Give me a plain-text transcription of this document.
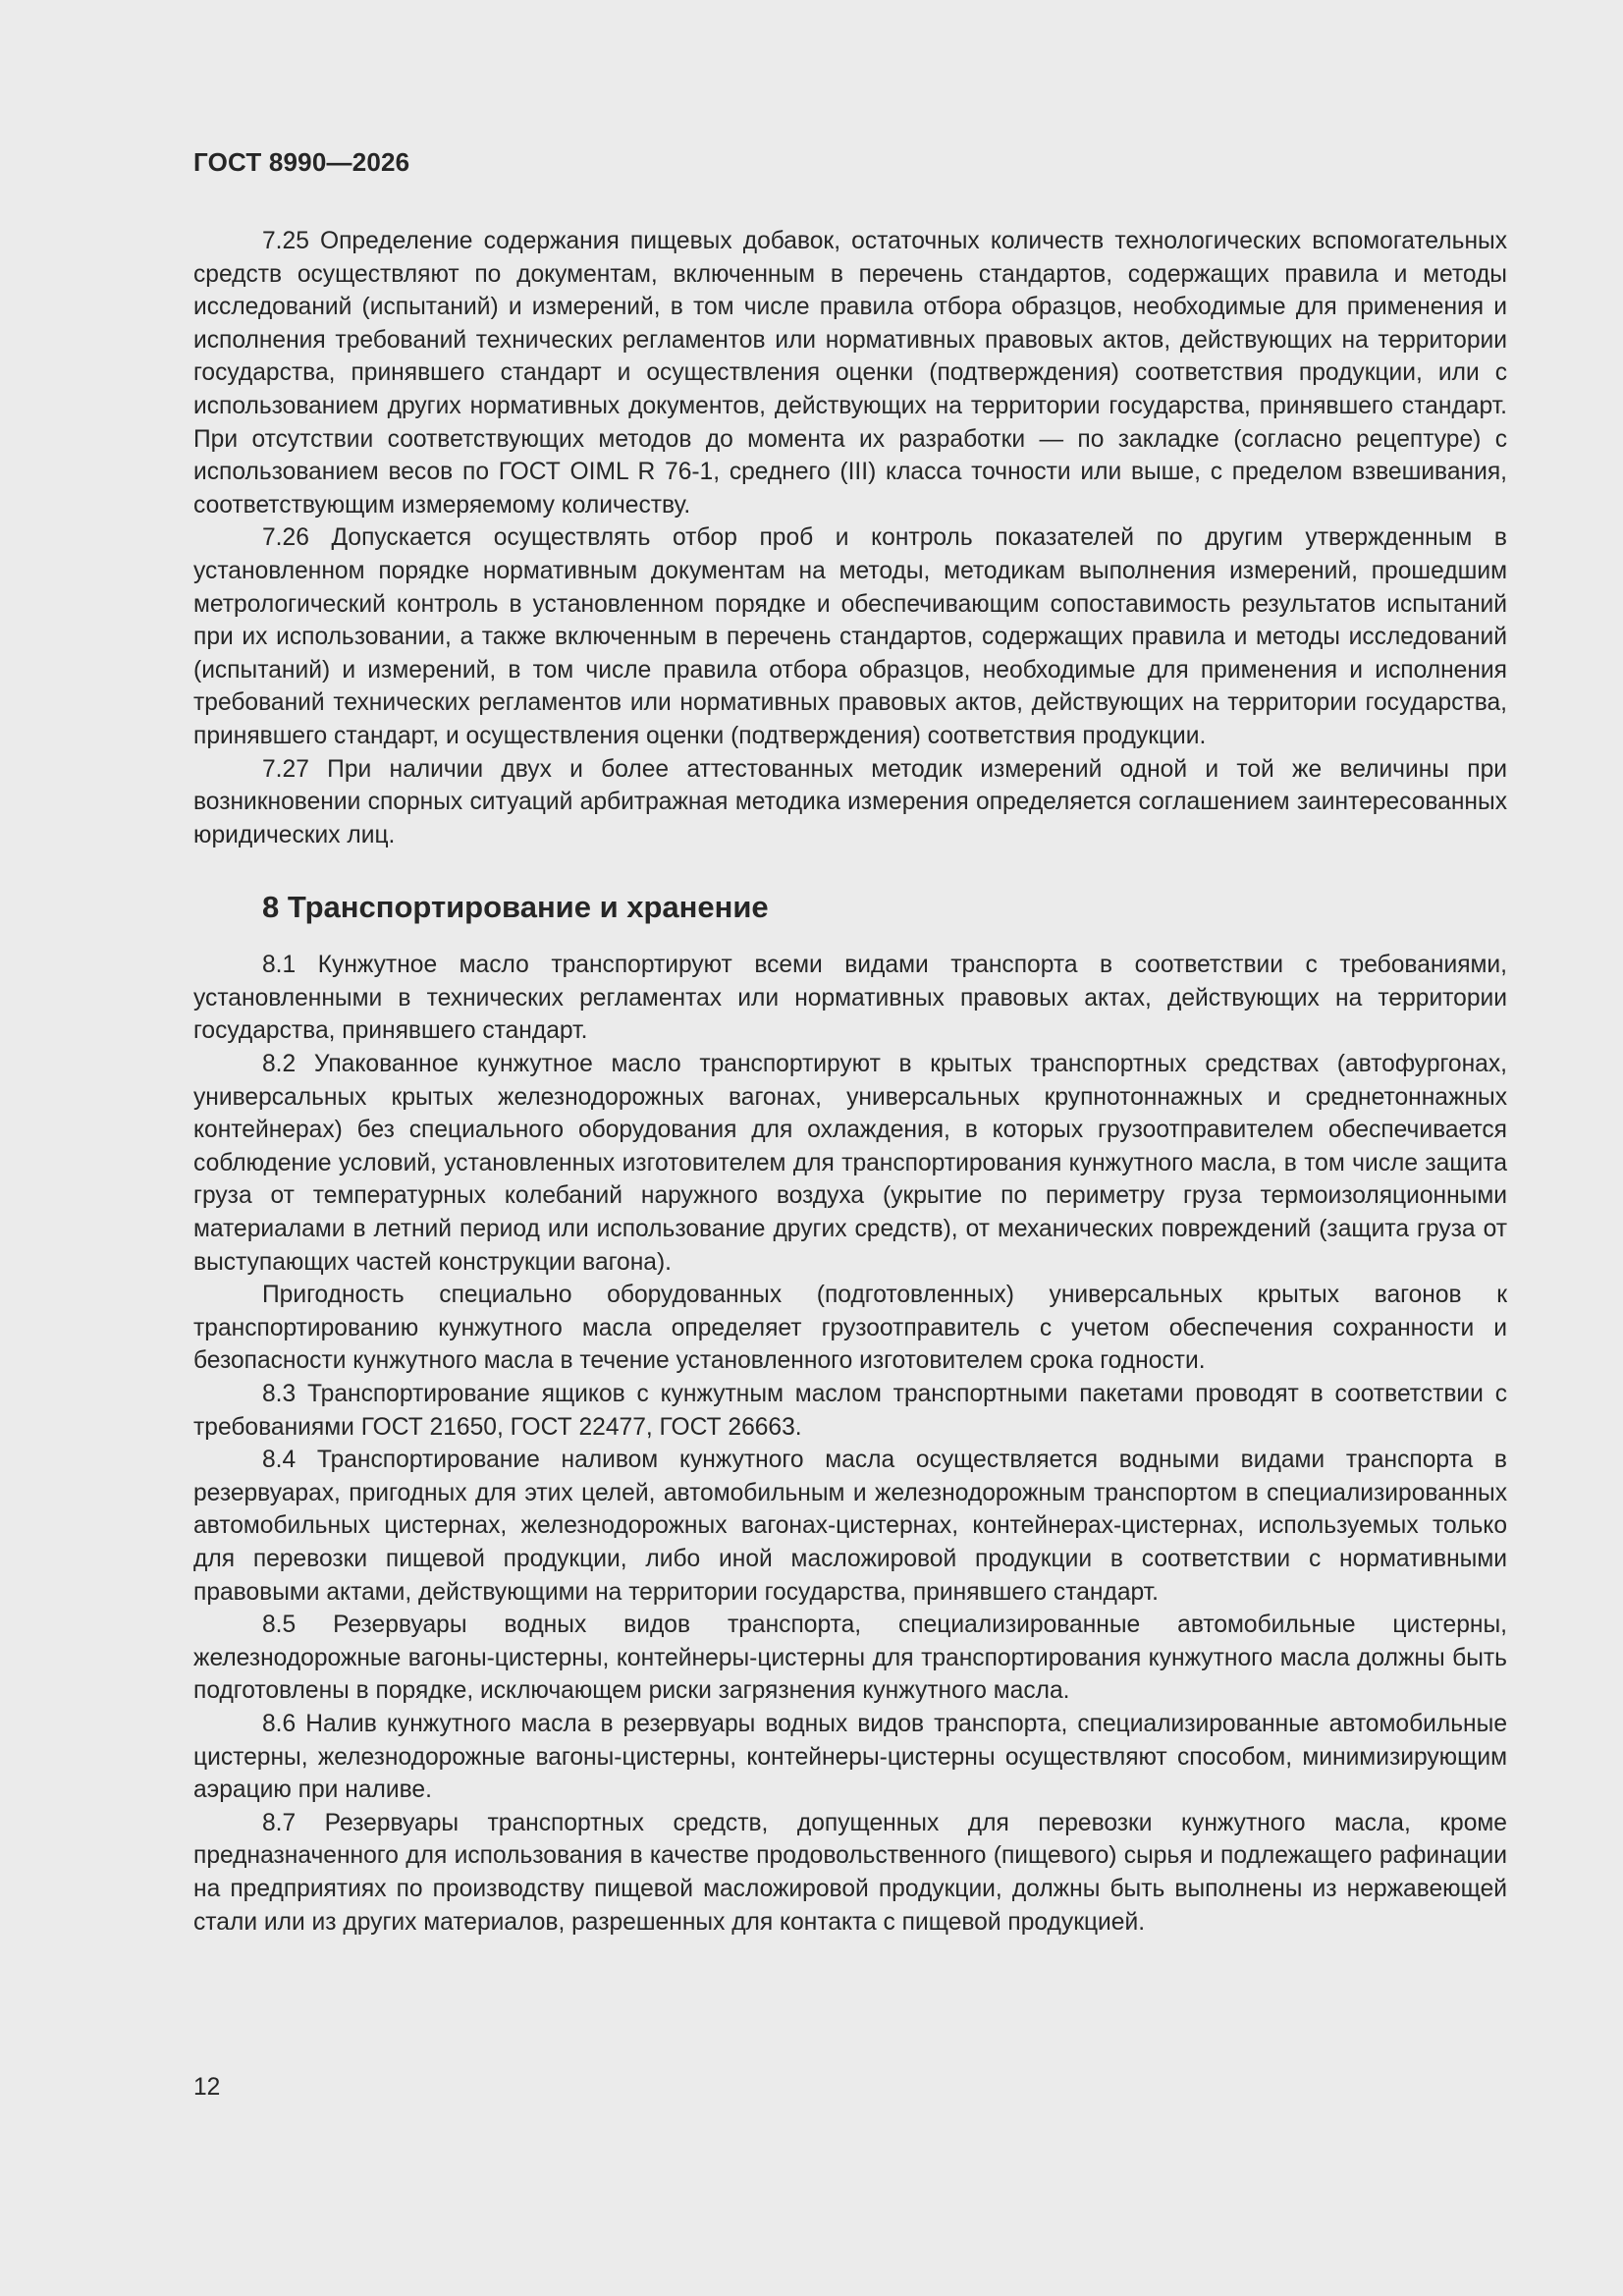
ГОСТ 8990—2026

7.25 Определение содержания пищевых добавок, остаточных количеств технологических вспомогательных средств осуществляют по документам, включенным в перечень стандартов, содержащих правила и методы исследований (испытаний) и измерений, в том числе правила отбора образцов, необходимые для применения и исполнения требований технических регламентов или нормативных правовых актов, действующих на территории государства, принявшего стандарт и осуществления оценки (подтверждения) соответствия продукции, или с использованием других нормативных документов, действующих на территории государства, принявшего стандарт. При отсутствии соответствующих методов до момента их разработки — по закладке (согласно рецептуре) с использованием весов по ГОСТ OIML R 76-1, среднего (III) класса точности или выше, с пределом взвешивания, соответствующим измеряемому количеству.

7.26 Допускается осуществлять отбор проб и контроль показателей по другим утвержденным в установленном порядке нормативным документам на методы, методикам выполнения измерений, прошедшим метрологический контроль в установленном порядке и обеспечивающим сопоставимость результатов испытаний при их использовании, а также включенным в перечень стандартов, содержащих правила и методы исследований (испытаний) и измерений, в том числе правила отбора образцов, необходимые для применения и исполнения требований технических регламентов или нормативных правовых актов, действующих на территории государства, принявшего стандарт, и осуществления оценки (подтверждения) соответствия продукции.

7.27 При наличии двух и более аттестованных методик измерений одной и той же величины при возникновении спорных ситуаций арбитражная методика измерения определяется соглашением заинтересованных юридических лиц.

8 Транспортирование и хранение

8.1 Кунжутное масло транспортируют всеми видами транспорта в соответствии с требованиями, установленными в технических регламентах или нормативных правовых актах, действующих на территории государства, принявшего стандарт.

8.2 Упакованное кунжутное масло транспортируют в крытых транспортных средствах (автофургонах, универсальных крытых железнодорожных вагонах, универсальных крупнотоннажных и среднетоннажных контейнерах) без специального оборудования для охлаждения, в которых грузоотправителем обеспечивается соблюдение условий, установленных изготовителем для транспортирования кунжутного масла, в том числе защита груза от температурных колебаний наружного воздуха (укрытие по периметру груза термоизоляционными материалами в летний период или использование других средств), от механических повреждений (защита груза от выступающих частей конструкции вагона).

Пригодность специально оборудованных (подготовленных) универсальных крытых вагонов к транспортированию кунжутного масла определяет грузоотправитель с учетом обеспечения сохранности и безопасности кунжутного масла в течение установленного изготовителем срока годности.

8.3 Транспортирование ящиков с кунжутным маслом транспортными пакетами проводят в соответствии с требованиями ГОСТ 21650, ГОСТ 22477, ГОСТ 26663.

8.4 Транспортирование наливом кунжутного масла осуществляется водными видами транспорта в резервуарах, пригодных для этих целей, автомобильным и железнодорожным транспортом в специализированных автомобильных цистернах, железнодорожных вагонах-цистернах, контейнерах-цистернах, используемых только для перевозки пищевой продукции, либо иной масложировой продукции в соответствии с нормативными правовыми актами, действующими на территории государства, принявшего стандарт.

8.5 Резервуары водных видов транспорта, специализированные автомобильные цистерны, железнодорожные вагоны-цистерны, контейнеры-цистерны для транспортирования кунжутного масла должны быть подготовлены в порядке, исключающем риски загрязнения кунжутного масла.

8.6 Налив кунжутного масла в резервуары водных видов транспорта, специализированные автомобильные цистерны, железнодорожные вагоны-цистерны, контейнеры-цистерны осуществляют способом, минимизирующим аэрацию при наливе.

8.7 Резервуары транспортных средств, допущенных для перевозки кунжутного масла, кроме предназначенного для использования в качестве продовольственного (пищевого) сырья и подлежащего рафинации на предприятиях по производству пищевой масложировой продукции, должны быть выполнены из нержавеющей стали или из других материалов, разрешенных для контакта с пищевой продукцией.

12
